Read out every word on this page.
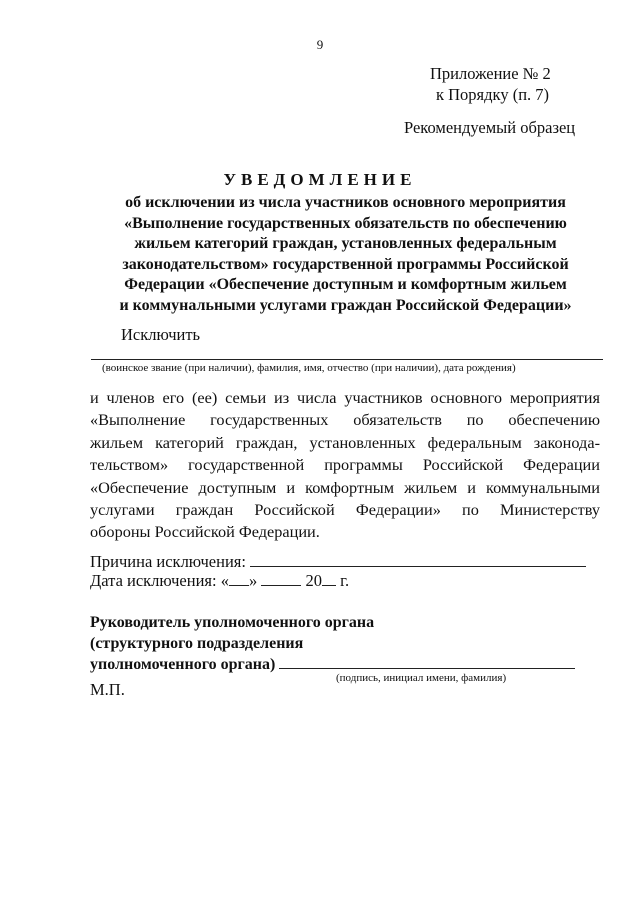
9
Приложение № 2
к Порядку (п. 7)
Рекомендуемый образец
УВЕДОМЛЕНИЕ
об исключении из числа участников основного мероприятия
«Выполнение государственных обязательств по обеспечению
жильем категорий граждан, установленных федеральным
законодательством» государственной программы Российской
Федерации «Обеспечение доступным и комфортным жильем
и коммунальными услугами граждан Российской Федерации»
Исключить
(воинское звание (при наличии), фамилия, имя, отчество (при наличии), дата рождения)
и членов его (ее) семьи из числа участников основного мероприятия
«Выполнение государственных обязательств по обеспечению
жильем категорий граждан, установленных федеральным законода-
тельством» государственной программы Российской Федерации
«Обеспечение доступным и комфортным жильем и коммунальными
услугами граждан Российской Федерации» по Министерству
обороны Российской Федерации.
Причина исключения:
Дата исключения: « »	20 г.
Руководитель уполномоченного органа
(структурного подразделения
уполномоченного органа)
(подпись, инициал имени, фамилия)
М.П.
